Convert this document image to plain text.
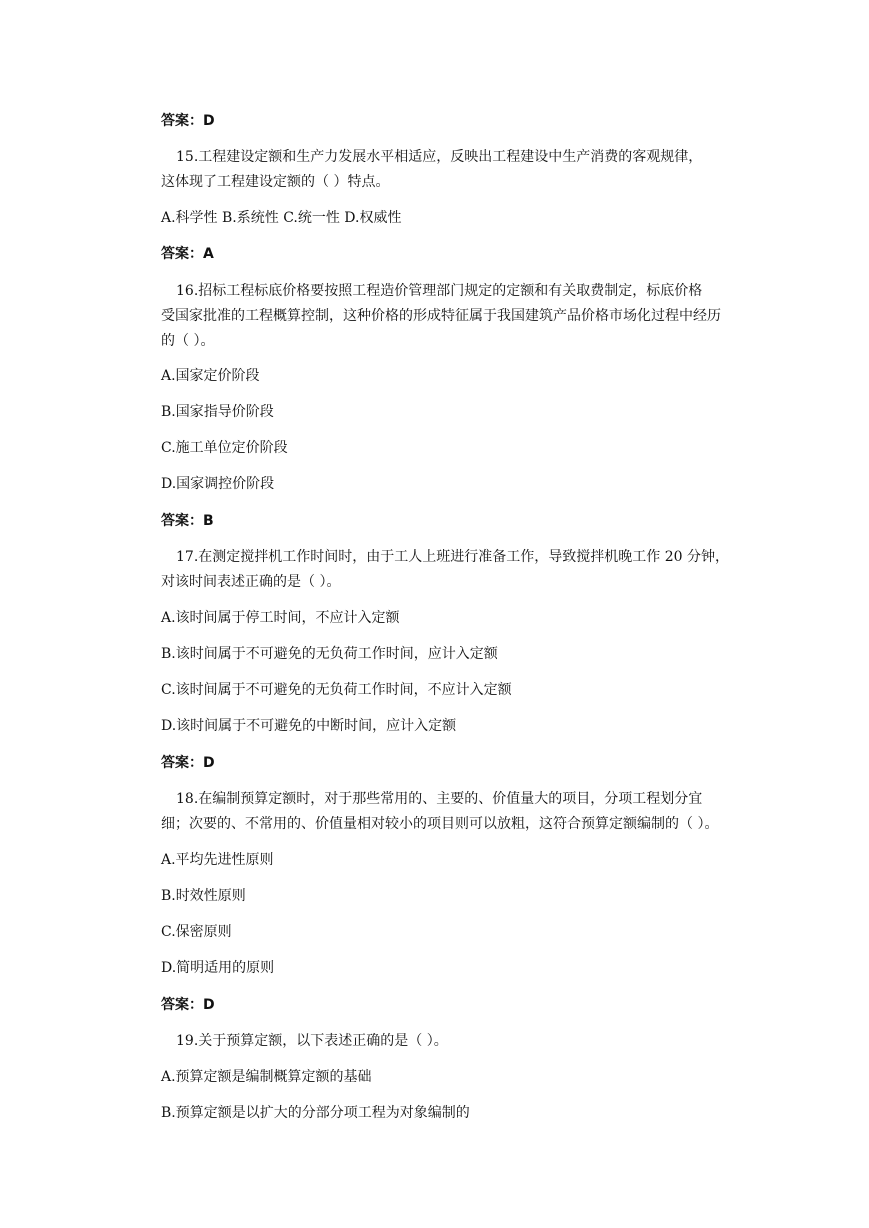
答案：D
15.工程建设定额和生产力发展水平相适应，反映出工程建设中生产消费的客观规律，
这体现了工程建设定额的（ ）特点。
A.科学性 B.系统性 C.统一性 D.权威性
答案：A
16.招标工程标底价格要按照工程造价管理部门规定的定额和有关取费制定，标底价格
受国家批准的工程概算控制，这种价格的形成特征属于我国建筑产品价格市场化过程中经历
的（ ）。
A.国家定价阶段
B.国家指导价阶段
C.施工单位定价阶段
D.国家调控价阶段
答案：B
17.在测定搅拌机工作时间时，由于工人上班进行准备工作，导致搅拌机晚工作 20 分钟，
对该时间表述正确的是（ ）。
A.该时间属于停工时间，不应计入定额
B.该时间属于不可避免的无负荷工作时间，应计入定额
C.该时间属于不可避免的无负荷工作时间，不应计入定额
D.该时间属于不可避免的中断时间，应计入定额
答案：D
18.在编制预算定额时，对于那些常用的、主要的、价值量大的项目，分项工程划分宜
细；次要的、不常用的、价值量相对较小的项目则可以放粗，这符合预算定额编制的（ ）。
A.平均先进性原则
B.时效性原则
C.保密原则
D.简明适用的原则
答案：D
19.关于预算定额，以下表述正确的是（ ）。
A.预算定额是编制概算定额的基础
B.预算定额是以扩大的分部分项工程为对象编制的
